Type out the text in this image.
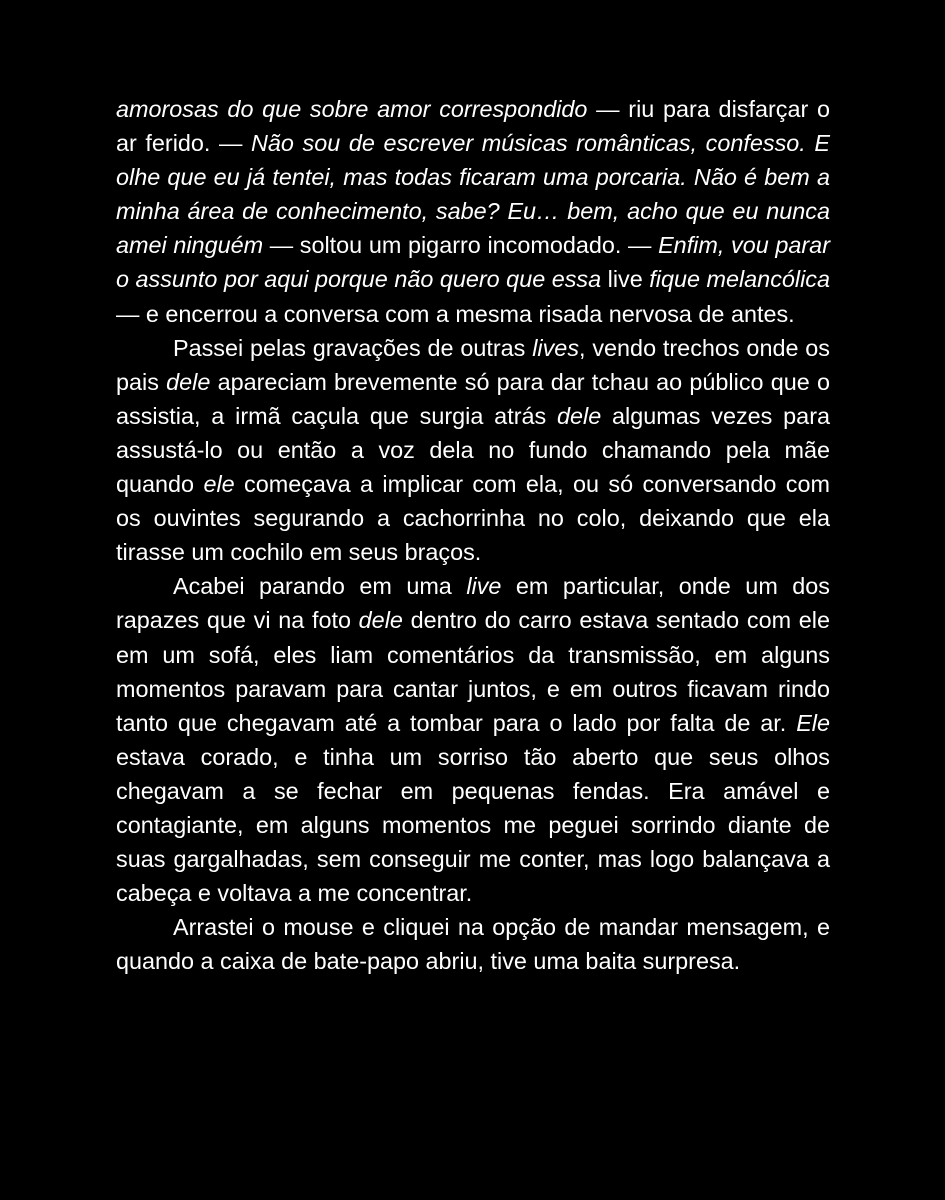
amorosas do que sobre amor correspondido — riu para disfarçar o ar ferido. — Não sou de escrever músicas românticas, confesso. E olhe que eu já tentei, mas todas ficaram uma porcaria. Não é bem a minha área de conhecimento, sabe? Eu… bem, acho que eu nunca amei ninguém — soltou um pigarro incomodado. — Enfim, vou parar o assunto por aqui porque não quero que essa live fique melancólica — e encerrou a conversa com a mesma risada nervosa de antes.

Passei pelas gravações de outras lives, vendo trechos onde os pais dele apareciam brevemente só para dar tchau ao público que o assistia, a irmã caçula que surgia atrás dele algumas vezes para assustá-lo ou então a voz dela no fundo chamando pela mãe quando ele começava a implicar com ela, ou só conversando com os ouvintes segurando a cachorrinha no colo, deixando que ela tirasse um cochilo em seus braços.

Acabei parando em uma live em particular, onde um dos rapazes que vi na foto dele dentro do carro estava sentado com ele em um sofá, eles liam comentários da transmissão, em alguns momentos paravam para cantar juntos, e em outros ficavam rindo tanto que chegavam até a tombar para o lado por falta de ar. Ele estava corado, e tinha um sorriso tão aberto que seus olhos chegavam a se fechar em pequenas fendas. Era amável e contagiante, em alguns momentos me peguei sorrindo diante de suas gargalhadas, sem conseguir me conter, mas logo balançava a cabeça e voltava a me concentrar.

Arrastei o mouse e cliquei na opção de mandar mensagem, e quando a caixa de bate-papo abriu, tive uma baita surpresa.
